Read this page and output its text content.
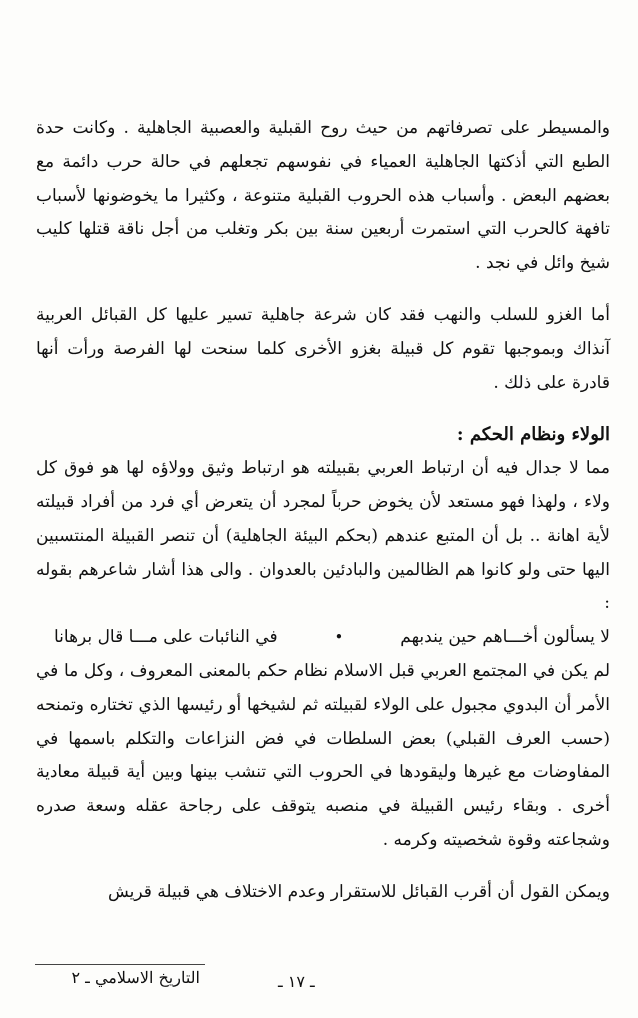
والمسيطر على تصرفاتهم من حيث روح القبلية والعصبية الجاهلية . وكانت حدة الطبع التي أذكتها الجاهلية العمياء في نفوسهم تجعلهم في حالة حرب دائمة مع بعضهم البعض . وأسباب هذه الحروب القبلية متنوعة ، وكثيرا ما يخوضونها لأسباب تافهة كالحرب التي استمرت أربعين سنة بين بكر وتغلب من أجل ناقة قتلها كليب شيخ وائل في نجد .

أما الغزو للسلب والنهب فقد كان شرعة جاهلية تسير عليها كل القبائل العربية آنذاك وبموجبها تقوم كل قبيلة بغزو الأخرى كلما سنحت لها الفرصة ورأت أنها قادرة على ذلك .

الولاء ونظام الحكم :

مما لا جدال فيه أن ارتباط العربي بقبيلته هو ارتباط وثيق وولاؤه لها هو فوق كل ولاء ، ولهذا فهو مستعد لأن يخوض حرباً لمجرد أن يتعرض أي فرد من أفراد قبيلته لأية اهانة .. بل أن المتبع عندهم (بحكم البيئة الجاهلية) أن تنصر القبيلة المنتسبين اليها حتى ولو كانوا هم الظالمين والبادئين بالعدوان . والى هذا أشار شاعرهم بقوله :

لا يسألون أخـــاهم حين يندبهم
•
في النائبات على مـــا قال برهانا

لم يكن في المجتمع العربي قبل الاسلام نظام حكم بالمعنى المعروف ، وكل ما في الأمر أن البدوي مجبول على الولاء لقبيلته ثم لشيخها أو رئيسها الذي تختاره وتمنحه (حسب العرف القبلي) بعض السلطات في فض النزاعات والتكلم باسمها في المفاوضات مع غيرها وليقودها في الحروب التي تنشب بينها وبين أية قبيلة معادية أخرى . وبقاء رئيس القبيلة في منصبه يتوقف على رجاحة عقله وسعة صدره وشجاعته وقوة شخصيته وكرمه .

ويمكن القول أن أقرب القبائل للاستقرار وعدم الاختلاف هي قبيلة قريش

التاريخ الاسلامي ـ ٢	ـ ١٧ ـ
